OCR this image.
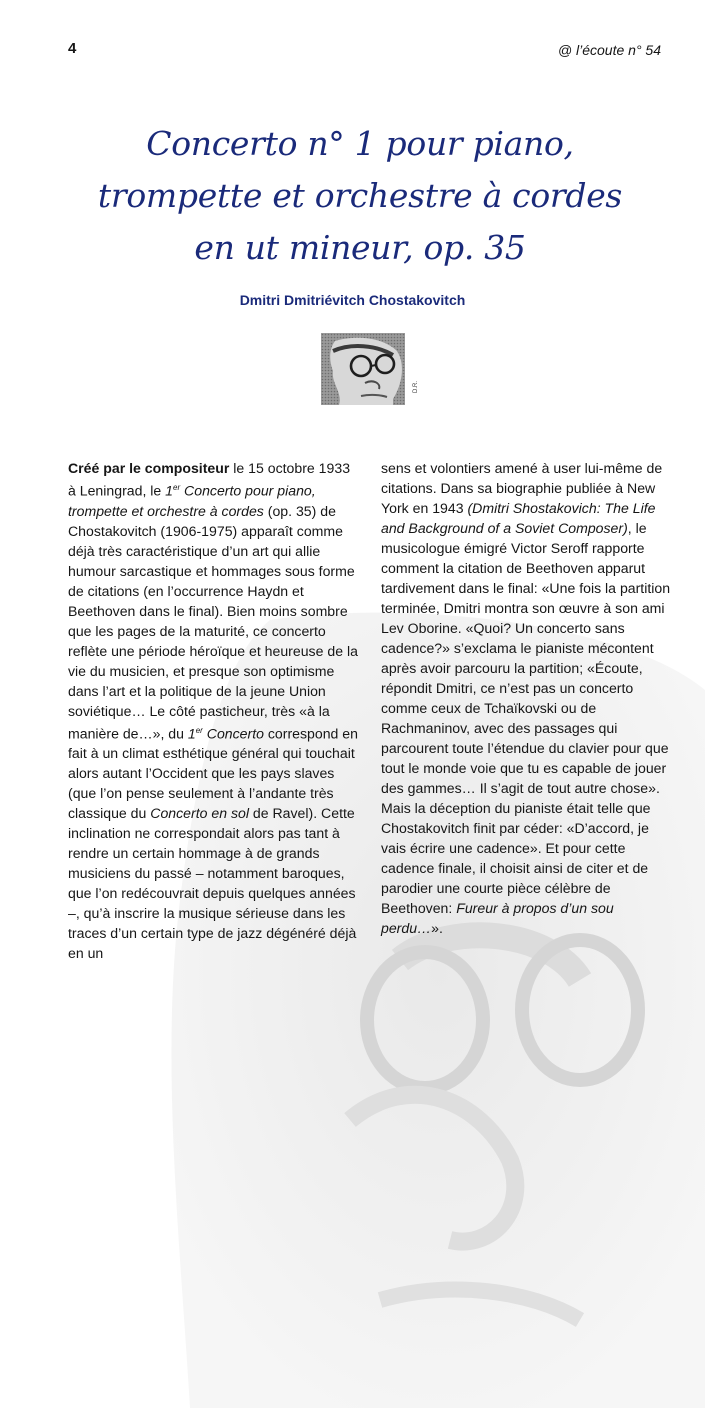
4	@ l’écoute n° 54
Concerto n° 1 pour piano,
trompette et orchestre à cordes
en ut mineur, op. 35
Dmitri Dmitriévitch Chostakovitch
D.R.

Créé par le compositeur le 15 octobre 1933 à Leningrad, le 1er Concerto pour piano, trompette et orchestre à cordes (op. 35) de Chostakovitch (1906-1975) apparaît comme déjà très caractéristique d’un art qui allie humour sarcastique et hommages sous forme de citations (en l’occurrence Haydn et Beethoven dans le final). Bien moins sombre que les pages de la maturité, ce concerto reflète une période héroïque et heureuse de la vie du musicien, et presque son optimisme dans l’art et la politique de la jeune Union soviétique… Le côté pasticheur, très «à la manière de…», du 1er Concerto correspond en fait à un climat esthétique général qui touchait alors autant l’Occident que les pays slaves (que l’on pense seulement à l’andante très classique du Concerto en sol de Ravel). Cette inclination ne correspondait alors pas tant à rendre un certain hommage à de grands musiciens du passé – notamment baroques, que l’on redécouvrait depuis quelques années –, qu’à inscrire la musique sérieuse dans les traces d’un certain type de jazz dégénéré déjà en un

sens et volontiers amené à user lui-même de citations. Dans sa biographie publiée à New York en 1943 (Dmitri Shostakovich: The Life and Background of a Soviet Composer), le musicologue émigré Victor Seroff rapporte comment la citation de Beethoven apparut tardivement dans le final: «Une fois la partition terminée, Dmitri montra son œuvre à son ami Lev Oborine. «Quoi? Un concerto sans cadence?» s’exclama le pianiste mécontent après avoir parcouru la partition; «Écoute, répondit Dmitri, ce n’est pas un concerto comme ceux de Tchaïkovski ou de Rachmaninov, avec des passages qui parcourent toute l’étendue du clavier pour que tout le monde voie que tu es capable de jouer des gammes… Il s’agit de tout autre chose». Mais la déception du pianiste était telle que Chostakovitch finit par céder: «D’accord, je vais écrire une cadence». Et pour cette cadence finale, il choisit ainsi de citer et de parodier une courte pièce célèbre de Beethoven: Fureur à propos d’un sou perdu…».
